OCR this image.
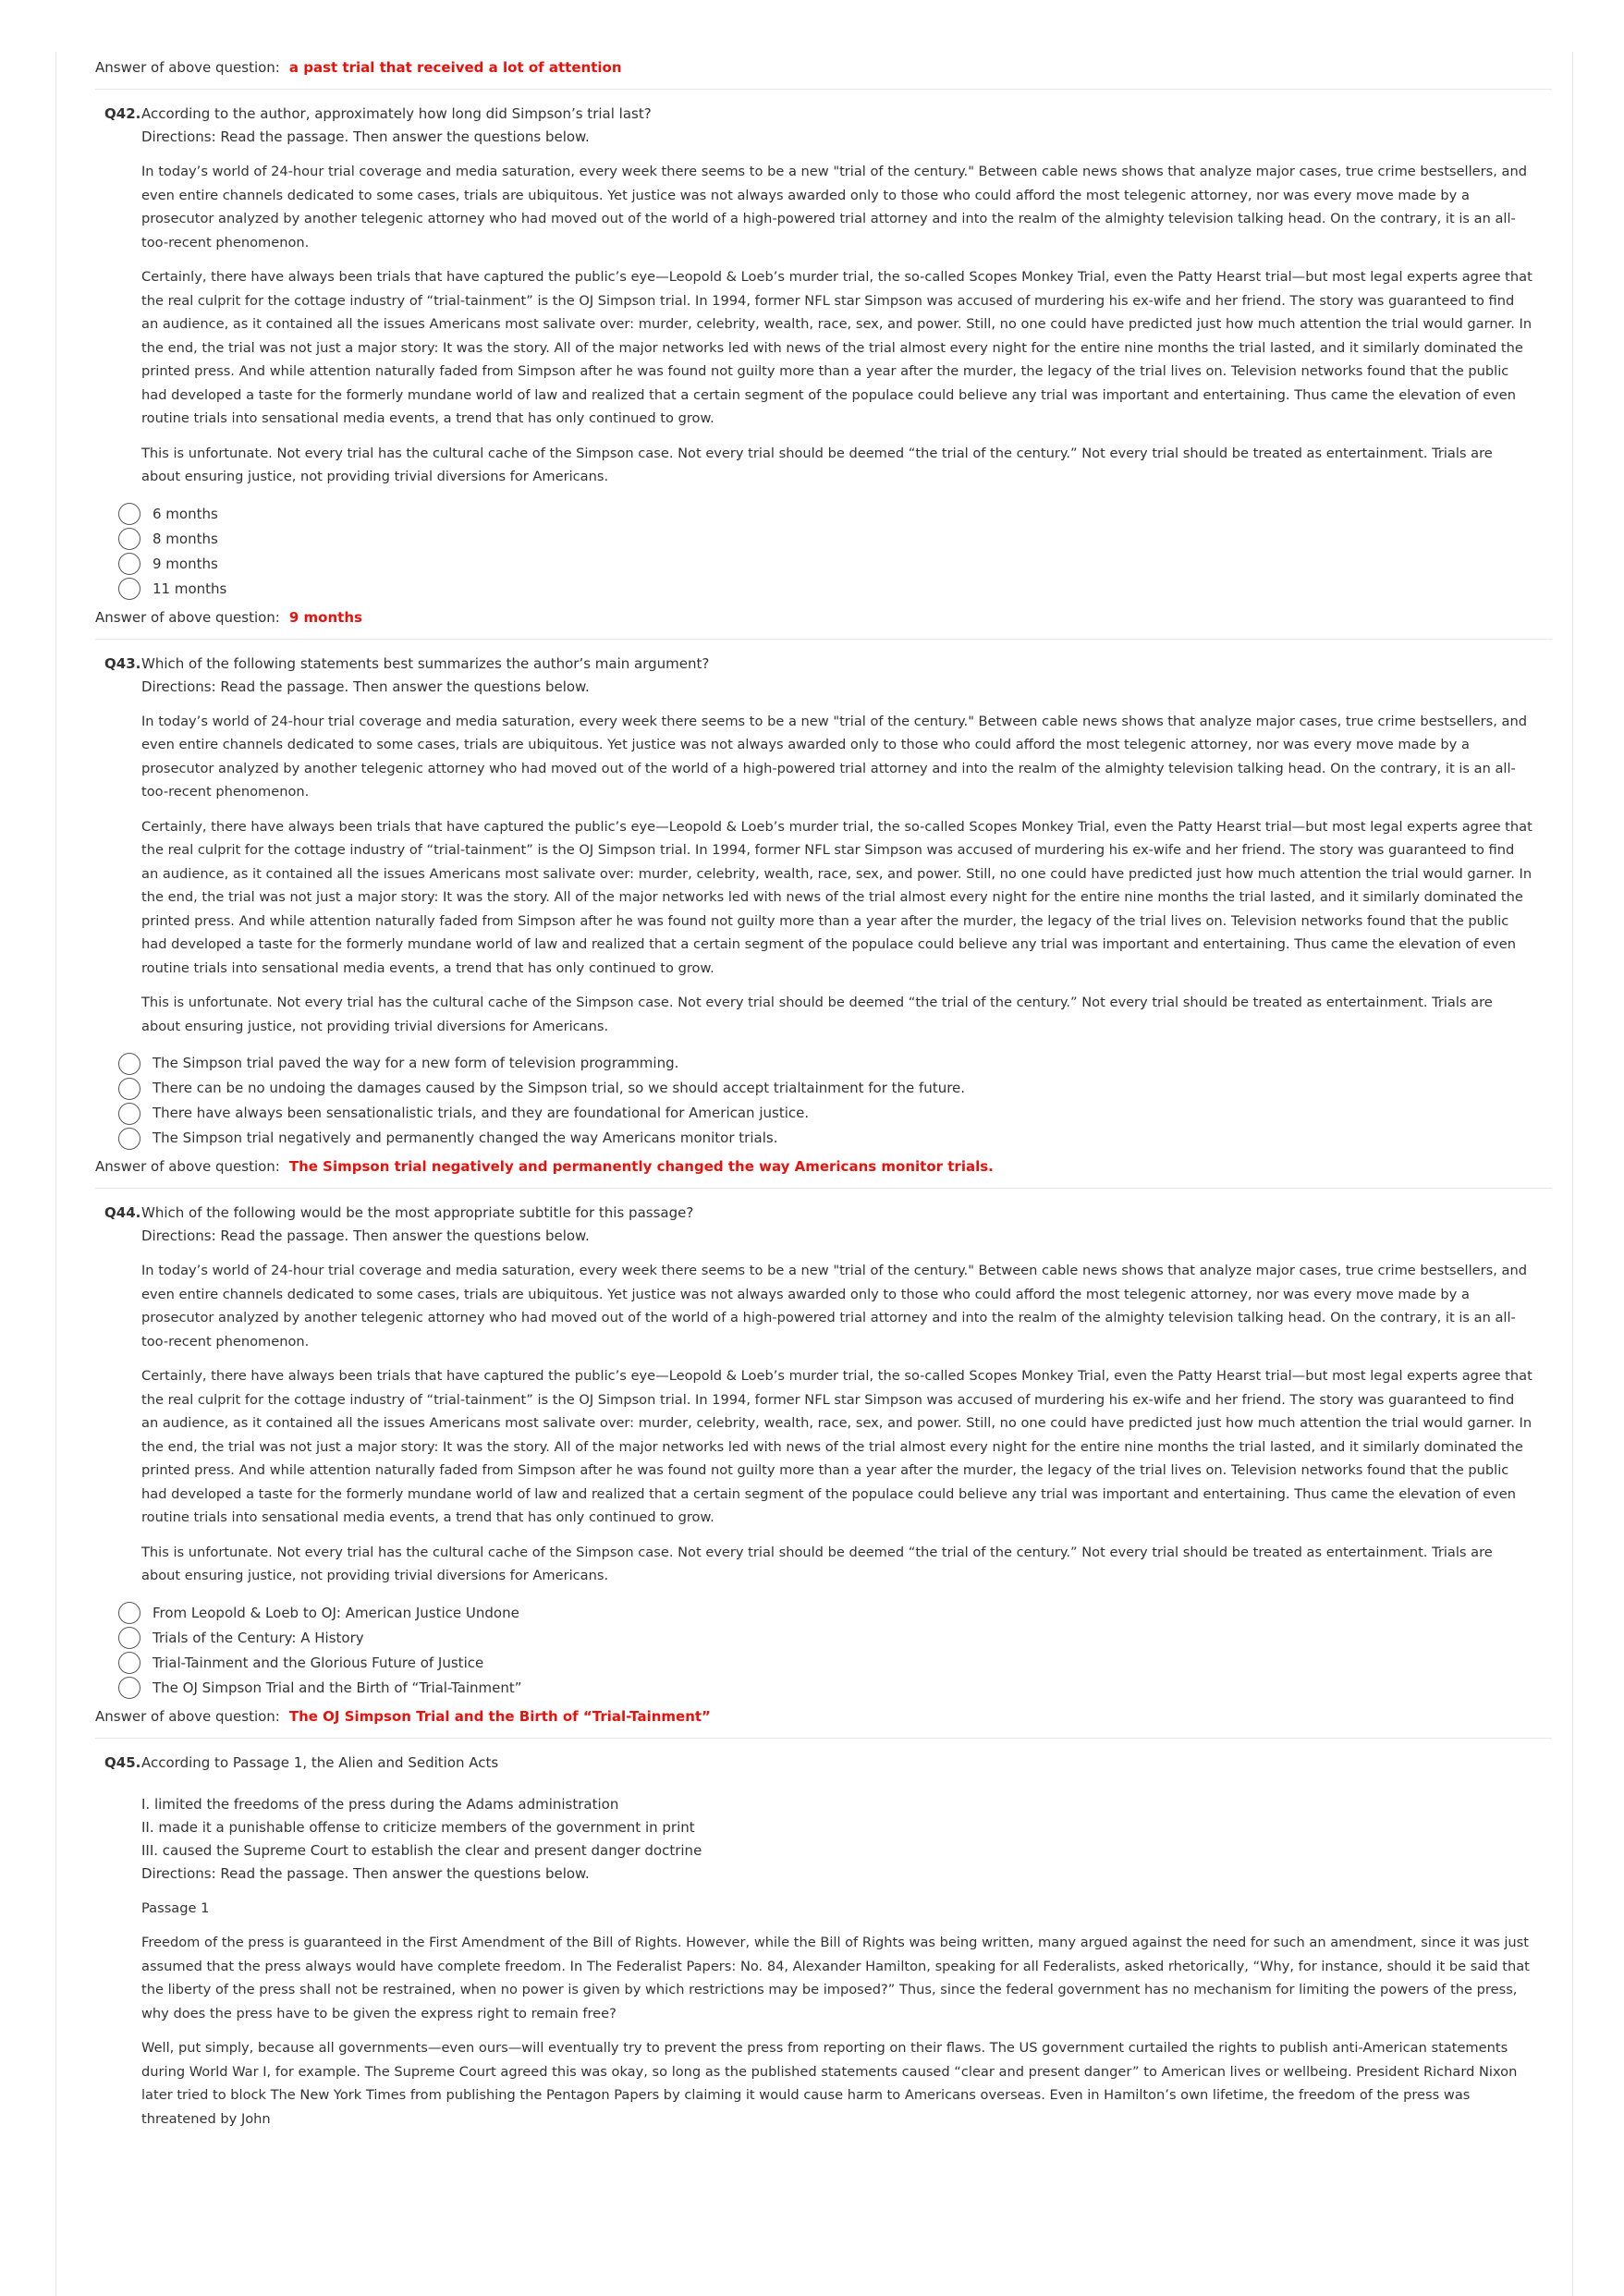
Answer of above question: a past trial that received a lot of attention
Q42.According to the author, approximately how long did Simpson’s trial last?
Directions: Read the passage. Then answer the questions below.

In today’s world of 24-hour trial coverage and media saturation, every week there seems to be a new "trial of the century." Between cable news shows that analyze major cases, true crime bestsellers, and even entire channels dedicated to some cases, trials are ubiquitous. Yet justice was not always awarded only to those who could afford the most telegenic attorney, nor was every move made by a prosecutor analyzed by another telegenic attorney who had moved out of the world of a high-powered trial attorney and into the realm of the almighty television talking head. On the contrary, it is an all-too-recent phenomenon.

Certainly, there have always been trials that have captured the public’s eye—Leopold & Loeb’s murder trial, the so-called Scopes Monkey Trial, even the Patty Hearst trial—but most legal experts agree that the real culprit for the cottage industry of “trial-tainment” is the OJ Simpson trial. In 1994, former NFL star Simpson was accused of murdering his ex-wife and her friend. The story was guaranteed to find an audience, as it contained all the issues Americans most salivate over: murder, celebrity, wealth, race, sex, and power. Still, no one could have predicted just how much attention the trial would garner. In the end, the trial was not just a major story: It was the story. All of the major networks led with news of the trial almost every night for the entire nine months the trial lasted, and it similarly dominated the printed press. And while attention naturally faded from Simpson after he was found not guilty more than a year after the murder, the legacy of the trial lives on. Television networks found that the public had developed a taste for the formerly mundane world of law and realized that a certain segment of the populace could believe any trial was important and entertaining. Thus came the elevation of even routine trials into sensational media events, a trend that has only continued to grow.

This is unfortunate. Not every trial has the cultural cache of the Simpson case. Not every trial should be deemed “the trial of the century.” Not every trial should be treated as entertainment. Trials are about ensuring justice, not providing trivial diversions for Americans.

6 months
8 months
9 months
11 months
Answer of above question: 9 months
Q43.Which of the following statements best summarizes the author’s main argument?
Directions: Read the passage. Then answer the questions below.

In today’s world of 24-hour trial coverage and media saturation, every week there seems to be a new "trial of the century." Between cable news shows that analyze major cases, true crime bestsellers, and even entire channels dedicated to some cases, trials are ubiquitous. Yet justice was not always awarded only to those who could afford the most telegenic attorney, nor was every move made by a prosecutor analyzed by another telegenic attorney who had moved out of the world of a high-powered trial attorney and into the realm of the almighty television talking head. On the contrary, it is an all-too-recent phenomenon.

Certainly, there have always been trials that have captured the public’s eye—Leopold & Loeb’s murder trial, the so-called Scopes Monkey Trial, even the Patty Hearst trial—but most legal experts agree that the real culprit for the cottage industry of “trial-tainment” is the OJ Simpson trial. In 1994, former NFL star Simpson was accused of murdering his ex-wife and her friend. The story was guaranteed to find an audience, as it contained all the issues Americans most salivate over: murder, celebrity, wealth, race, sex, and power. Still, no one could have predicted just how much attention the trial would garner. In the end, the trial was not just a major story: It was the story. All of the major networks led with news of the trial almost every night for the entire nine months the trial lasted, and it similarly dominated the printed press. And while attention naturally faded from Simpson after he was found not guilty more than a year after the murder, the legacy of the trial lives on. Television networks found that the public had developed a taste for the formerly mundane world of law and realized that a certain segment of the populace could believe any trial was important and entertaining. Thus came the elevation of even routine trials into sensational media events, a trend that has only continued to grow.

This is unfortunate. Not every trial has the cultural cache of the Simpson case. Not every trial should be deemed “the trial of the century.” Not every trial should be treated as entertainment. Trials are about ensuring justice, not providing trivial diversions for Americans.

The Simpson trial paved the way for a new form of television programming.
There can be no undoing the damages caused by the Simpson trial, so we should accept trialtainment for the future.
There have always been sensationalistic trials, and they are foundational for American justice.
The Simpson trial negatively and permanently changed the way Americans monitor trials.
Answer of above question: The Simpson trial negatively and permanently changed the way Americans monitor trials.
Q44.Which of the following would be the most appropriate subtitle for this passage?
Directions: Read the passage. Then answer the questions below.

In today’s world of 24-hour trial coverage and media saturation, every week there seems to be a new "trial of the century." Between cable news shows that analyze major cases, true crime bestsellers, and even entire channels dedicated to some cases, trials are ubiquitous. Yet justice was not always awarded only to those who could afford the most telegenic attorney, nor was every move made by a prosecutor analyzed by another telegenic attorney who had moved out of the world of a high-powered trial attorney and into the realm of the almighty television talking head. On the contrary, it is an all-too-recent phenomenon.

Certainly, there have always been trials that have captured the public’s eye—Leopold & Loeb’s murder trial, the so-called Scopes Monkey Trial, even the Patty Hearst trial—but most legal experts agree that the real culprit for the cottage industry of “trial-tainment” is the OJ Simpson trial. In 1994, former NFL star Simpson was accused of murdering his ex-wife and her friend. The story was guaranteed to find an audience, as it contained all the issues Americans most salivate over: murder, celebrity, wealth, race, sex, and power. Still, no one could have predicted just how much attention the trial would garner. In the end, the trial was not just a major story: It was the story. All of the major networks led with news of the trial almost every night for the entire nine months the trial lasted, and it similarly dominated the printed press. And while attention naturally faded from Simpson after he was found not guilty more than a year after the murder, the legacy of the trial lives on. Television networks found that the public had developed a taste for the formerly mundane world of law and realized that a certain segment of the populace could believe any trial was important and entertaining. Thus came the elevation of even routine trials into sensational media events, a trend that has only continued to grow.

This is unfortunate. Not every trial has the cultural cache of the Simpson case. Not every trial should be deemed “the trial of the century.” Not every trial should be treated as entertainment. Trials are about ensuring justice, not providing trivial diversions for Americans.

From Leopold & Loeb to OJ: American Justice Undone
Trials of the Century: A History
Trial-Tainment and the Glorious Future of Justice
The OJ Simpson Trial and the Birth of “Trial-Tainment”
Answer of above question: The OJ Simpson Trial and the Birth of “Trial-Tainment”
Q45.According to Passage 1, the Alien and Sedition Acts
I. limited the freedoms of the press during the Adams administration
II. made it a punishable offense to criticize members of the government in print
III. caused the Supreme Court to establish the clear and present danger doctrine
Directions: Read the passage. Then answer the questions below.

Passage 1

Freedom of the press is guaranteed in the First Amendment of the Bill of Rights. However, while the Bill of Rights was being written, many argued against the need for such an amendment, since it was just assumed that the press always would have complete freedom. In The Federalist Papers: No. 84, Alexander Hamilton, speaking for all Federalists, asked rhetorically, “Why, for instance, should it be said that the liberty of the press shall not be restrained, when no power is given by which restrictions may be imposed?” Thus, since the federal government has no mechanism for limiting the powers of the press, why does the press have to be given the express right to remain free?

Well, put simply, because all governments—even ours—will eventually try to prevent the press from reporting on their flaws. The US government curtailed the rights to publish anti-American statements during World War I, for example. The Supreme Court agreed this was okay, so long as the published statements caused “clear and present danger” to American lives or wellbeing. President Richard Nixon later tried to block The New York Times from publishing the Pentagon Papers by claiming it would cause harm to Americans overseas. Even in Hamilton’s own lifetime, the freedom of the press was threatened by John
